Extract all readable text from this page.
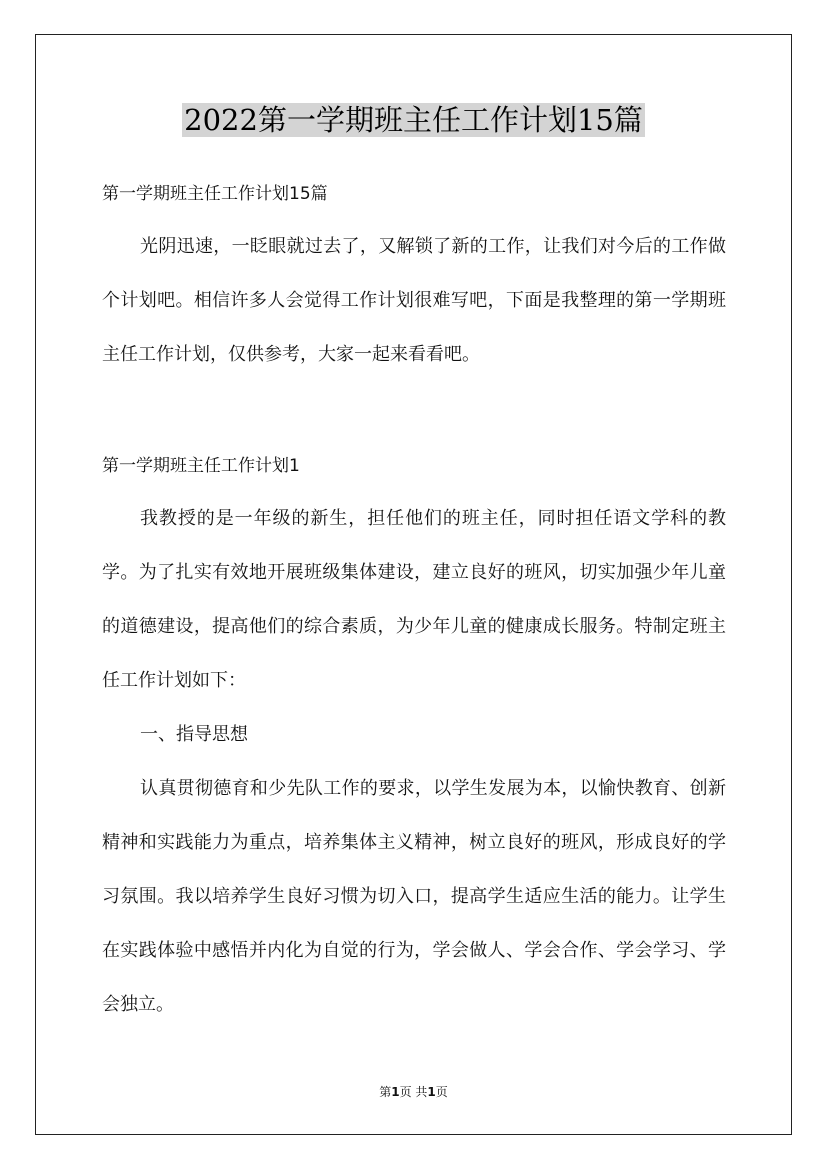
2022第一学期班主任工作计划15篇

第一学期班主任工作计划15篇

光阴迅速，一眨眼就过去了，又解锁了新的工作，让我们对今后的工作做个计划吧。相信许多人会觉得工作计划很难写吧，下面是我整理的第一学期班主任工作计划，仅供参考，大家一起来看看吧。

第一学期班主任工作计划1

我教授的是一年级的新生，担任他们的班主任，同时担任语文学科的教学。为了扎实有效地开展班级集体建设，建立良好的班风，切实加强少年儿童的道德建设，提高他们的综合素质，为少年儿童的健康成长服务。特制定班主任工作计划如下：

一、指导思想

认真贯彻德育和少先队工作的要求，以学生发展为本，以愉快教育、创新精神和实践能力为重点，培养集体主义精神，树立良好的班风，形成良好的学习氛围。我以培养学生良好习惯为切入口，提高学生适应生活的能力。让学生在实践体验中感悟并内化为自觉的行为，学会做人、学会合作、学会学习、学会独立。

第1页 共1页
